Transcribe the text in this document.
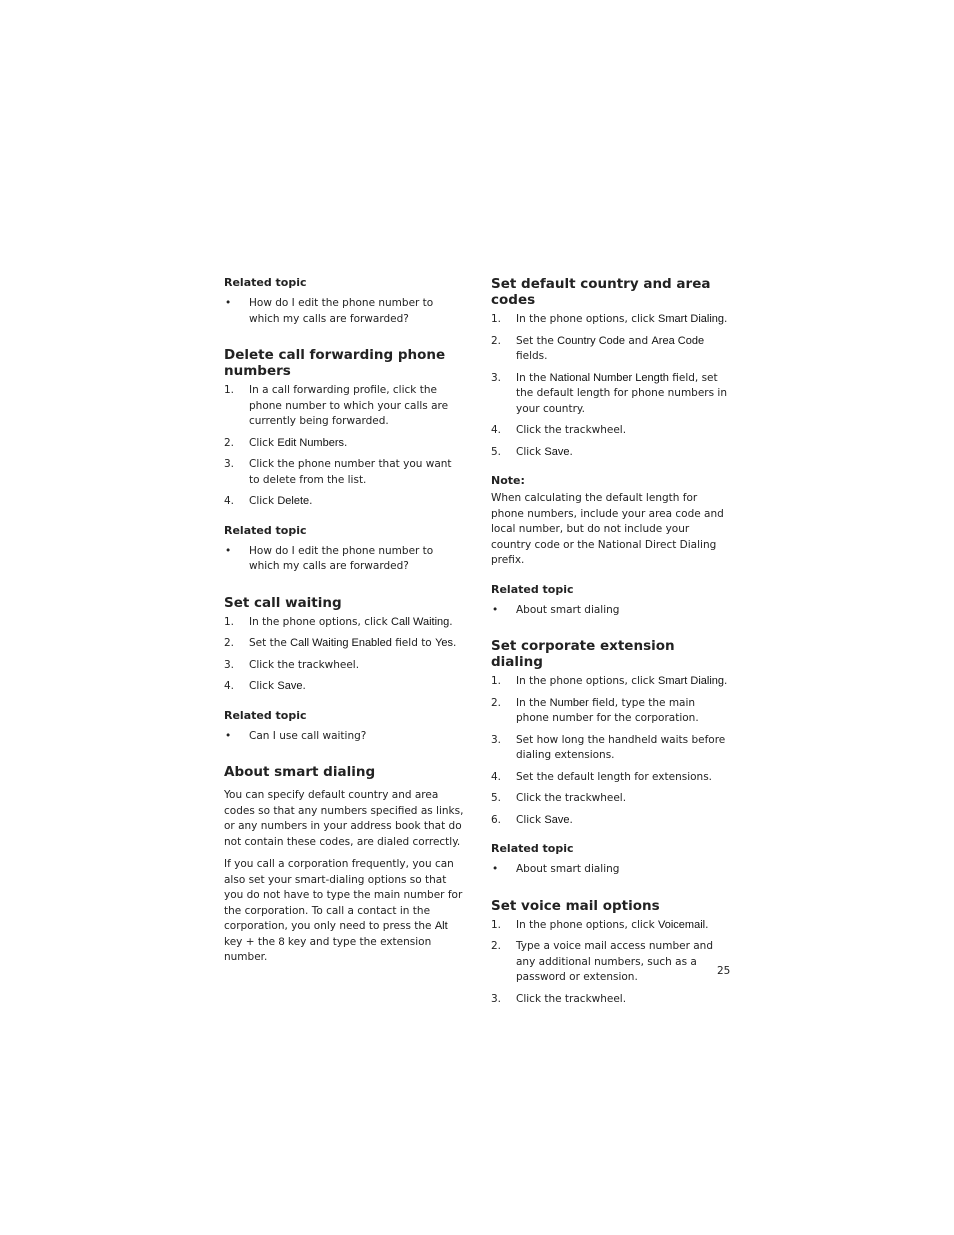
Related topic
• How do I edit the phone number to which my calls are forwarded?
Delete call forwarding phone numbers
1. In a call forwarding profile, click the phone number to which your calls are currently being forwarded.
2. Click Edit Numbers.
3. Click the phone number that you want to delete from the list.
4. Click Delete.
Related topic
• How do I edit the phone number to which my calls are forwarded?
Set call waiting
1. In the phone options, click Call Waiting.
2. Set the Call Waiting Enabled field to Yes.
3. Click the trackwheel.
4. Click Save.
Related topic
• Can I use call waiting?
About smart dialing

You can specify default country and area codes so that any numbers specified as links, or any numbers in your address book that do not contain these codes, are dialed correctly.

If you call a corporation frequently, you can also set your smart-dialing options so that you do not have to type the main number for the corporation. To call a contact in the corporation, you only need to press the Alt key + the 8 key and type the extension number.

Set default country and area codes
1. In the phone options, click Smart Dialing.
2. Set the Country Code and Area Code fields.
3. In the National Number Length field, set the default length for phone numbers in your country.
4. Click the trackwheel.
5. Click Save.
Note:

When calculating the default length for phone numbers, include your area code and local number, but do not include your country code or the National Direct Dialing prefix.

Related topic
• About smart dialing
Set corporate extension dialing
1. In the phone options, click Smart Dialing.
2. In the Number field, type the main phone number for the corporation.
3. Set how long the handheld waits before dialing extensions.
4. Set the default length for extensions.
5. Click the trackwheel.
6. Click Save.
Related topic
• About smart dialing
Set voice mail options
1. In the phone options, click Voicemail.
2. Type a voice mail access number and any additional numbers, such as a password or extension.
3. Click the trackwheel.
25
